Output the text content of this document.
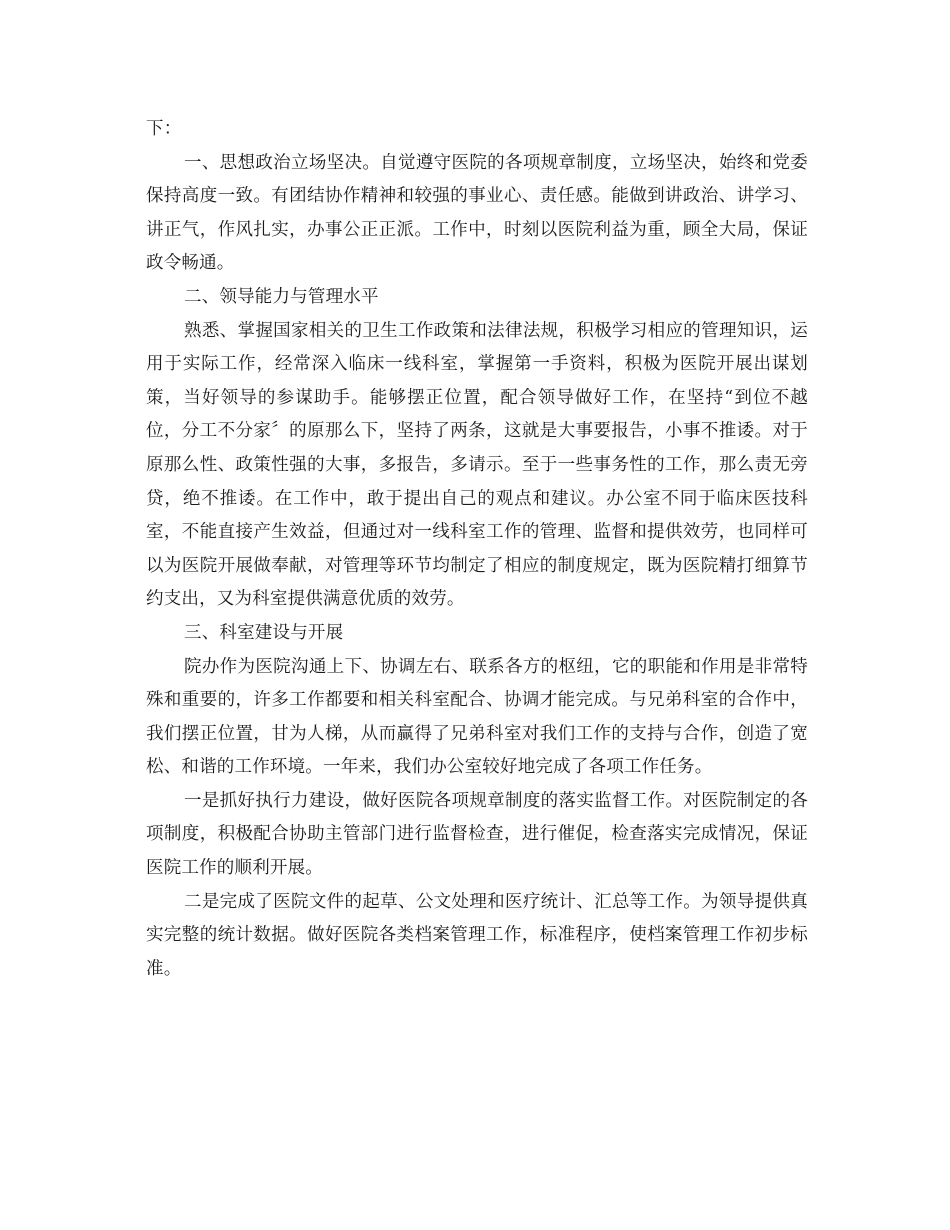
下：

一、思想政治立场坚决。自觉遵守医院的各项规章制度，立场坚决，始终和党委保持高度一致。有团结协作精神和较强的事业心、责任感。能做到讲政治、讲学习、讲正气，作风扎实，办事公正正派。工作中，时刻以医院利益为重，顾全大局，保证政令畅通。

二、领导能力与管理水平

熟悉、掌握国家相关的卫生工作政策和法律法规，积极学习相应的管理知识，运用于实际工作，经常深入临床一线科室，掌握第一手资料，积极为医院开展出谋划策，当好领导的参谋助手。能够摆正位置，配合领导做好工作，在坚持“到位不越位，分工不分家〞的原那么下，坚持了两条，这就是大事要报告，小事不推诿。对于原那么性、政策性强的大事，多报告，多请示。至于一些事务性的工作，那么责无旁贷，绝不推诿。在工作中，敢于提出自己的观点和建议。办公室不同于临床医技科室，不能直接产生效益，但通过对一线科室工作的管理、监督和提供效劳，也同样可以为医院开展做奉献，对管理等环节均制定了相应的制度规定，既为医院精打细算节约支出，又为科室提供满意优质的效劳。

三、科室建设与开展

院办作为医院沟通上下、协调左右、联系各方的枢纽，它的职能和作用是非常特殊和重要的，许多工作都要和相关科室配合、协调才能完成。与兄弟科室的合作中，我们摆正位置，甘为人梯，从而赢得了兄弟科室对我们工作的支持与合作，创造了宽松、和谐的工作环境。一年来，我们办公室较好地完成了各项工作任务。

一是抓好执行力建设，做好医院各项规章制度的落实监督工作。对医院制定的各项制度，积极配合协助主管部门进行监督检查，进行催促，检查落实完成情况，保证医院工作的顺利开展。

二是完成了医院文件的起草、公文处理和医疗统计、汇总等工作。为领导提供真实完整的统计数据。做好医院各类档案管理工作，标准程序，使档案管理工作初步标准。
